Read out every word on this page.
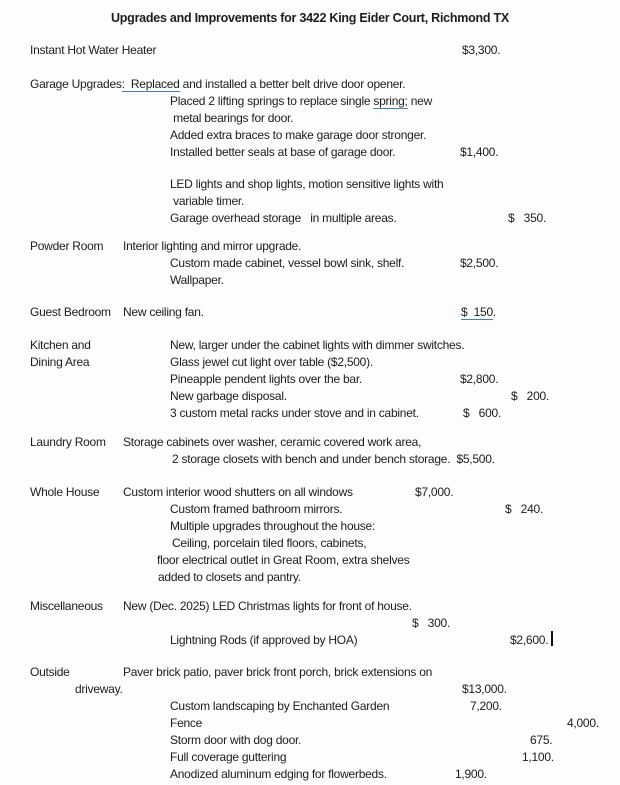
Upgrades and Improvements for 3422 King Eider Court, Richmond TX
Instant Hot Water Heater	$3,300.
Garage Upgrades:  Replaced and installed a better belt drive door opener.
Placed 2 lifting springs to replace single spring; new
metal bearings for door.
Added extra braces to make garage door stronger.
Installed better seals at base of garage door.	$1,400.
LED lights and shop lights, motion sensitive lights with
variable timer.
Garage overhead storage   in multiple areas.	$   350.
Powder Room Interior lighting and mirror upgrade.
Custom made cabinet, vessel bowl sink, shelf.	$2,500.
Wallpaper.
Guest Bedroom New ceiling fan.	$  150.
Kitchen and
Dining Area
New, larger under the cabinet lights with dimmer switches.
Glass jewel cut light over table ($2,500).
Pineapple pendent lights over the bar.	$2,800.
New garbage disposal.	$   200.
3 custom metal racks under stove and in cabinet.	$   600.
Laundry Room Storage cabinets over washer, ceramic covered work area,
2 storage closets with bench and under bench storage.  $5,500.
Whole House Custom interior wood shutters on all windows	$7,000.
Custom framed bathroom mirrors.	$   240.
Multiple upgrades throughout the house:
Ceiling, porcelain tiled floors, cabinets,
floor electrical outlet in Great Room, extra shelves
added to closets and pantry.
Miscellaneous New (Dec. 2025) LED Christmas lights for front of house.
$   300.
Lightning Rods (if approved by HOA)	$2,600.
Outside	Paver brick patio, paver brick front porch, brick extensions on
driveway.	$13,000.
Custom landscaping by Enchanted Garden	7,200.
Fence	4,000.
Storm door with dog door.	675.
Full coverage guttering	1,100.
Anodized aluminum edging for flowerbeds.	1,900.
